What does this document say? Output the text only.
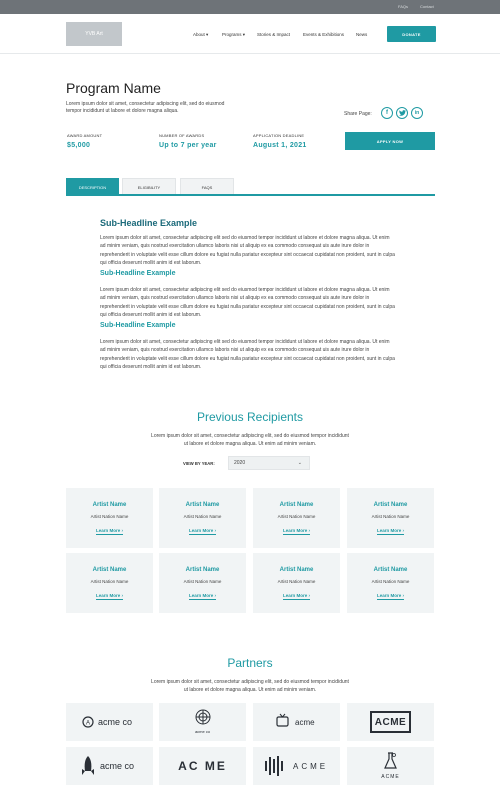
FAQs	Contact
YVB Art	About ▾	Programs ▾	Stories & Impact	Events & Exhibitions	News	DONATE
Program Name
Lorem ipsum dolor sit amet, consectetur adipiscing elit, sed do eiusmod tempor incididunt ut labore et dolore magna aliqua.	Share Page:	f	in
AWARD AMOUNT
$5,000
NUMBER OF AWARDS
Up to 7 per year
APPLICATION DEADLINE
August 1, 2021
APPLY NOW
DESCRIPTION	ELIGIBILITY	FAQS
Sub-Headline Example
Lorem ipsum dolor sit amet, consectetur adipiscing elit sed do eiusmod tempor incididunt ut labore et dolore magna aliqua. Ut enim ad minim veniam, quis nostrud exercitation ullamco laboris nisi ut aliquip ex ea commodo consequat uis aute irure dolor in reprehenderit in voluptate velit esse cillum dolore eu fugiat nulla pariatur excepteur sint occaecat cupidatat non proident, sunt in culpa qui officia deserunt mollit anim id est laborum.
Sub-Headline Example
Lorem ipsum dolor sit amet, consectetur adipiscing elit sed do eiusmod tempor incididunt ut labore et dolore magna aliqua. Ut enim ad minim veniam, quis nostrud exercitation ullamco laboris nisi ut aliquip ex ea commodo consequat uis aute irure dolor in reprehenderit in voluptate velit esse cillum dolore eu fugiat nulla pariatur excepteur sint occaecat cupidatat non proident, sunt in culpa qui officia deserunt mollit anim id est laborum.
Sub-Headline Example
Lorem ipsum dolor sit amet, consectetur adipiscing elit sed do eiusmod tempor incididunt ut labore et dolore magna aliqua. Ut enim ad minim veniam, quis nostrud exercitation ullamco laboris nisi ut aliquip ex ea commodo consequat uis aute irure dolor in reprehenderit in voluptate velit esse cillum dolore eu fugiat nulla pariatur excepteur sint occaecat cupidatat non proident, sunt in culpa qui officia deserunt mollit anim id est laborum.
Previous Recipients
Lorem ipsum dolor sit amet, consectetur adipiscing elit, sed do eiusmod tempor incididunt ut labore et dolore magna aliqua. Ut enim ad minim veniam.
VIEW BY YEAR:	2020	⌄
Artist Name
Artist Nation Name
Learn More ›
Artist Name
Artist Nation Name
Learn More ›
Artist Name
Artist Nation Name
Learn More ›
Artist Name
Artist Nation Name
Learn More ›
Artist Name
Artist Nation Name
Learn More ›
Artist Name
Artist Nation Name
Learn More ›
Artist Name
Artist Nation Name
Learn More ›
Artist Name
Artist Nation Name
Learn More ›
Partners
Lorem ipsum dolor sit amet, consectetur adipiscing elit, sed do eiusmod tempor incididunt ut labore et dolore magna aliqua. Ut enim ad minim veniam.
A acme co
acme co
acme	ACME
acme co	AC ME	ACME
ACME
